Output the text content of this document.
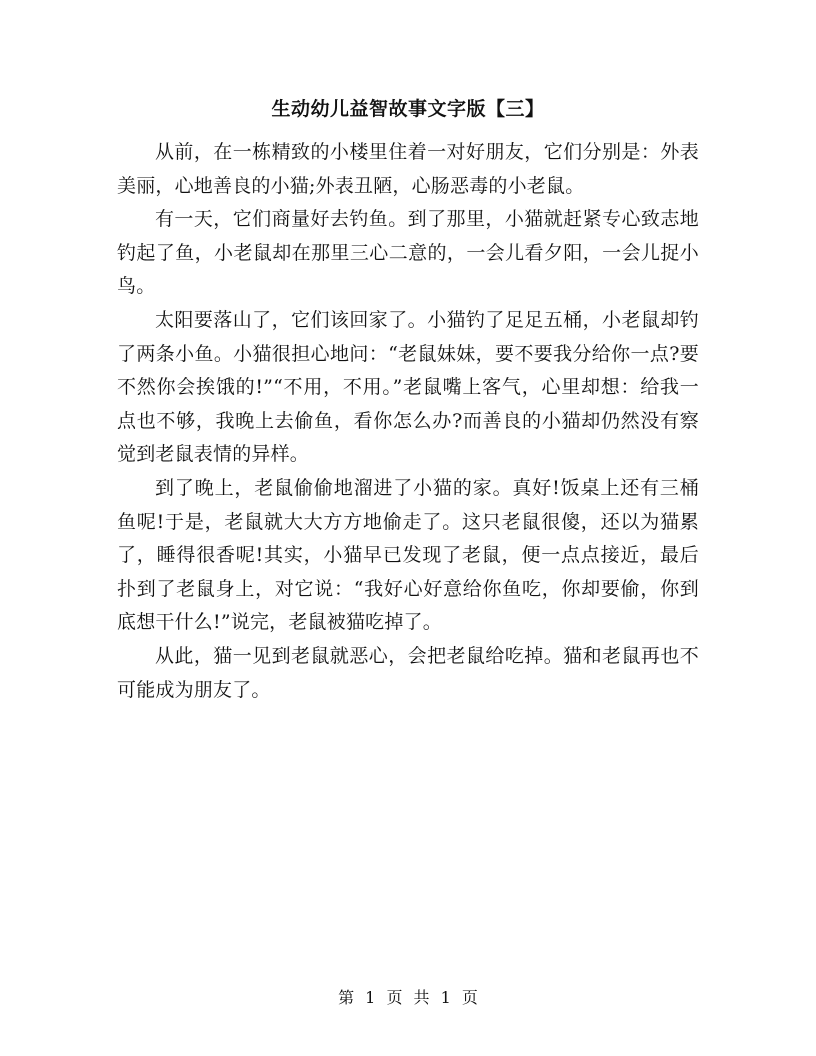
生动幼儿益智故事文字版【三】

从前，在一栋精致的小楼里住着一对好朋友，它们分别是：外表美丽，心地善良的小猫;外表丑陋，心肠恶毒的小老鼠。

有一天，它们商量好去钓鱼。到了那里，小猫就赶紧专心致志地钓起了鱼，小老鼠却在那里三心二意的，一会儿看夕阳，一会儿捉小鸟。

太阳要落山了，它们该回家了。小猫钓了足足五桶，小老鼠却钓了两条小鱼。小猫很担心地问：“老鼠妹妹，要不要我分给你一点?要不然你会挨饿的!”“不用，不用。”老鼠嘴上客气，心里却想：给我一点也不够，我晚上去偷鱼，看你怎么办?而善良的小猫却仍然没有察觉到老鼠表情的异样。

到了晚上，老鼠偷偷地溜进了小猫的家。真好!饭桌上还有三桶鱼呢!于是，老鼠就大大方方地偷走了。这只老鼠很傻，还以为猫累了，睡得很香呢!其实，小猫早已发现了老鼠，便一点点接近，最后扑到了老鼠身上，对它说：“我好心好意给你鱼吃，你却要偷，你到底想干什么!”说完，老鼠被猫吃掉了。

从此，猫一见到老鼠就恶心，会把老鼠给吃掉。猫和老鼠再也不可能成为朋友了。

第 1 页 共 1 页
